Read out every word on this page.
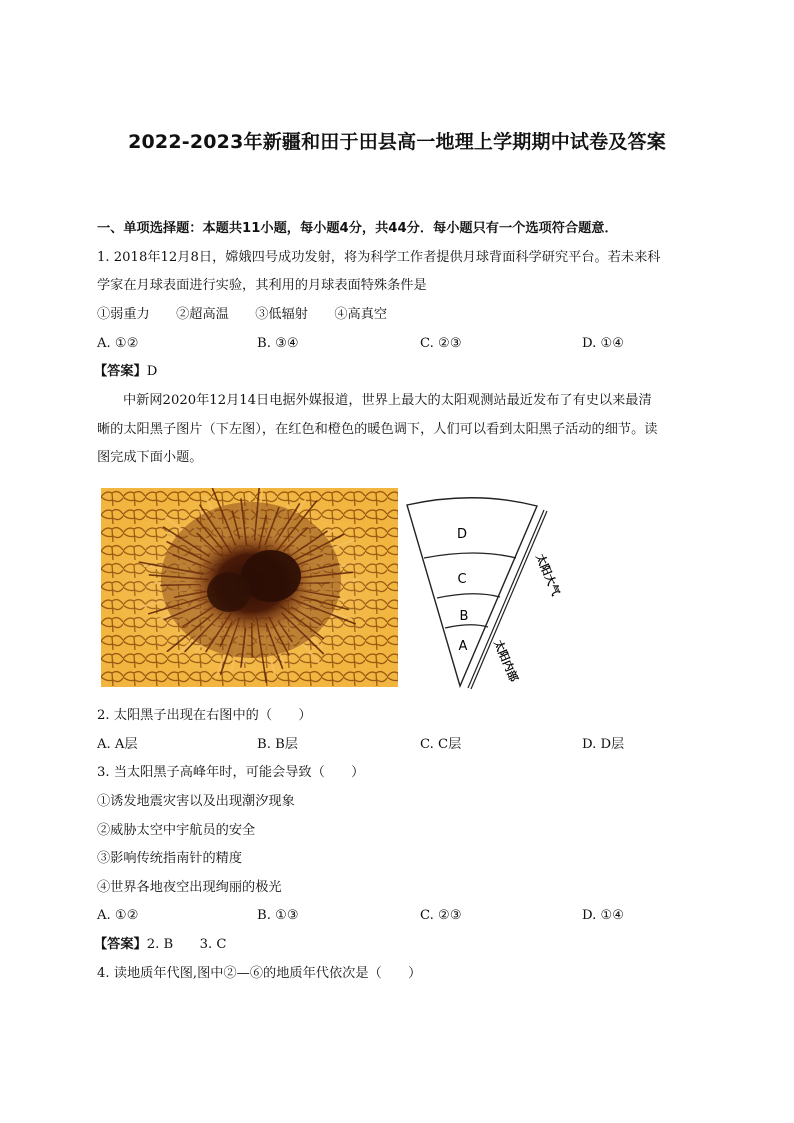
2022-2023年新疆和田于田县高一地理上学期期中试卷及答案
一、单项选择题：本题共11小题，每小题4分，共44分．每小题只有一个选项符合题意．
1. 2018年12月8日，嫦娥四号成功发射，将为科学工作者提供月球背面科学研究平台。若未来科
学家在月球表面进行实验，其利用的月球表面特殊条件是
①弱重力　　②超高温　　③低辐射　　④高真空
A. ①②	B. ③④	C. ②③	D. ①④
【答案】D
中新网2020年12月14日电据外媒报道，世界上最大的太阳观测站最近发布了有史以来最清
晰的太阳黑子图片（下左图），在红色和橙色的暖色调下，人们可以看到太阳黑子活动的细节。读
图完成下面小题。
D
C
B
A
太阳大气
太阳内部
2. 太阳黑子出现在右图中的（　　）
A. A层	B. B层	C. C层	D. D层
3. 当太阳黑子高峰年时，可能会导致（　　）
①诱发地震灾害以及出现潮汐现象
②威胁太空中宇航员的安全
③影响传统指南针的精度
④世界各地夜空出现绚丽的极光
A. ①②	B. ①③	C. ②③	D. ①④
【答案】2. B　　3. C
4. 读地质年代图,图中②—⑥的地质年代依次是（　　）
